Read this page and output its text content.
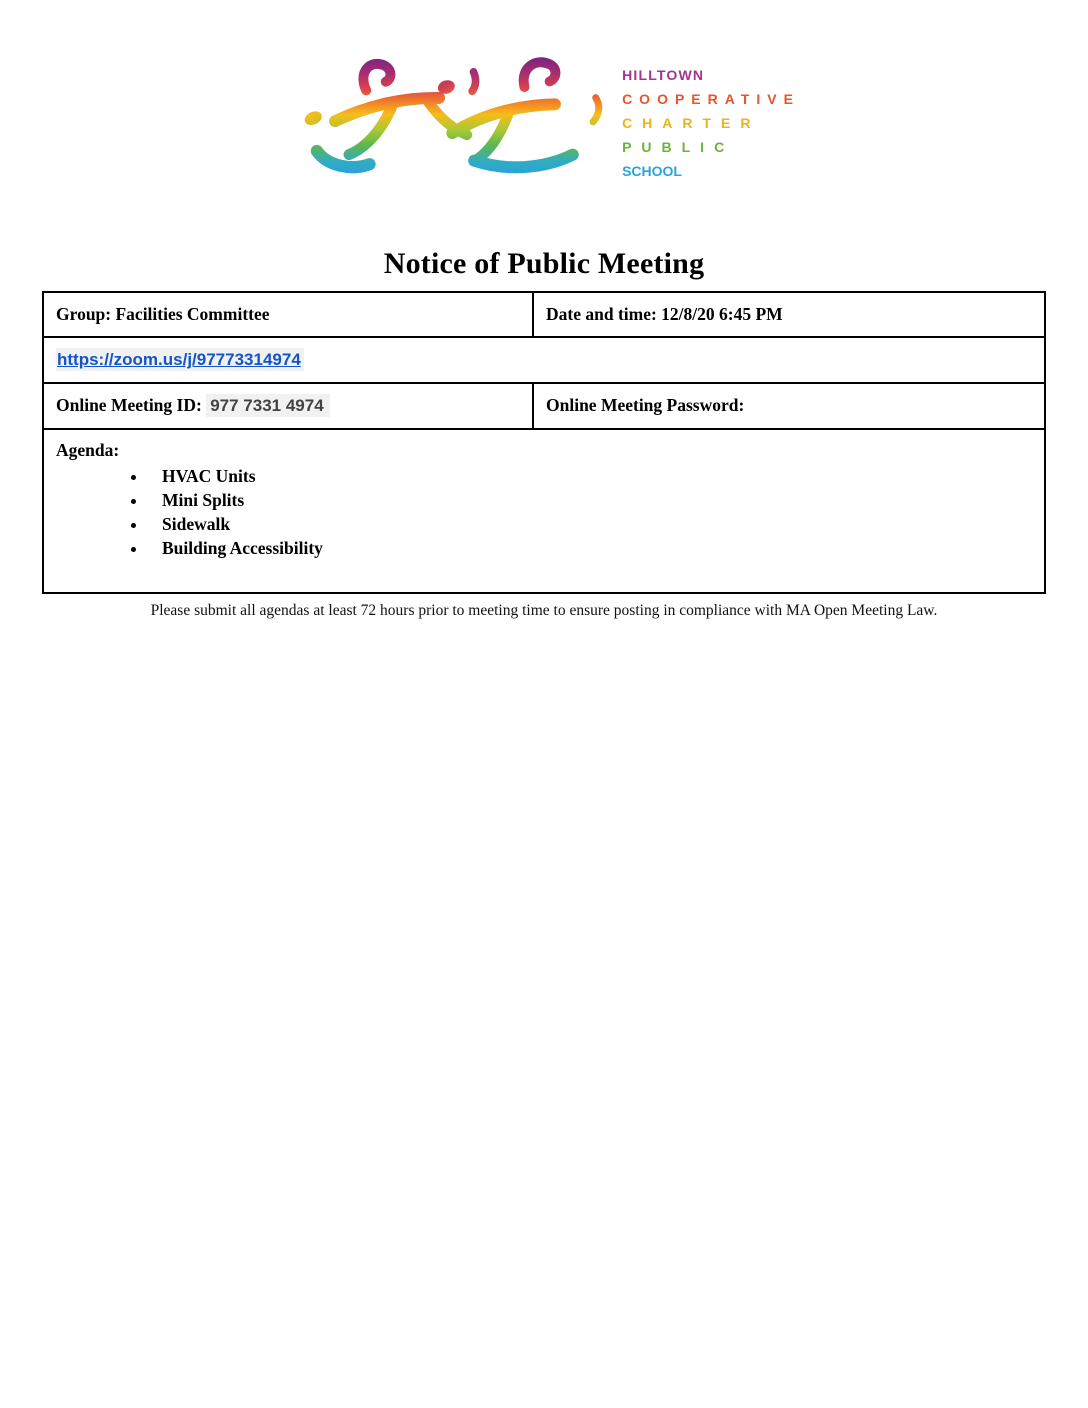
HILLTOWN
COOPERATIVE
CHARTER
PUBLIC
SCHOOL
Notice of Public Meeting
Group: Facilities Committee	Date and time: 12/8/20 6:45 PM
https://zoom.us/j/97773314974
Online Meeting ID: 977 7331 4974	Online Meeting Password:
Agenda:
• HVAC Units
• Mini Splits
• Sidewalk
• Building Accessibility

Please submit all agendas at least 72 hours prior to meeting time to ensure posting in compliance with MA Open Meeting Law.
